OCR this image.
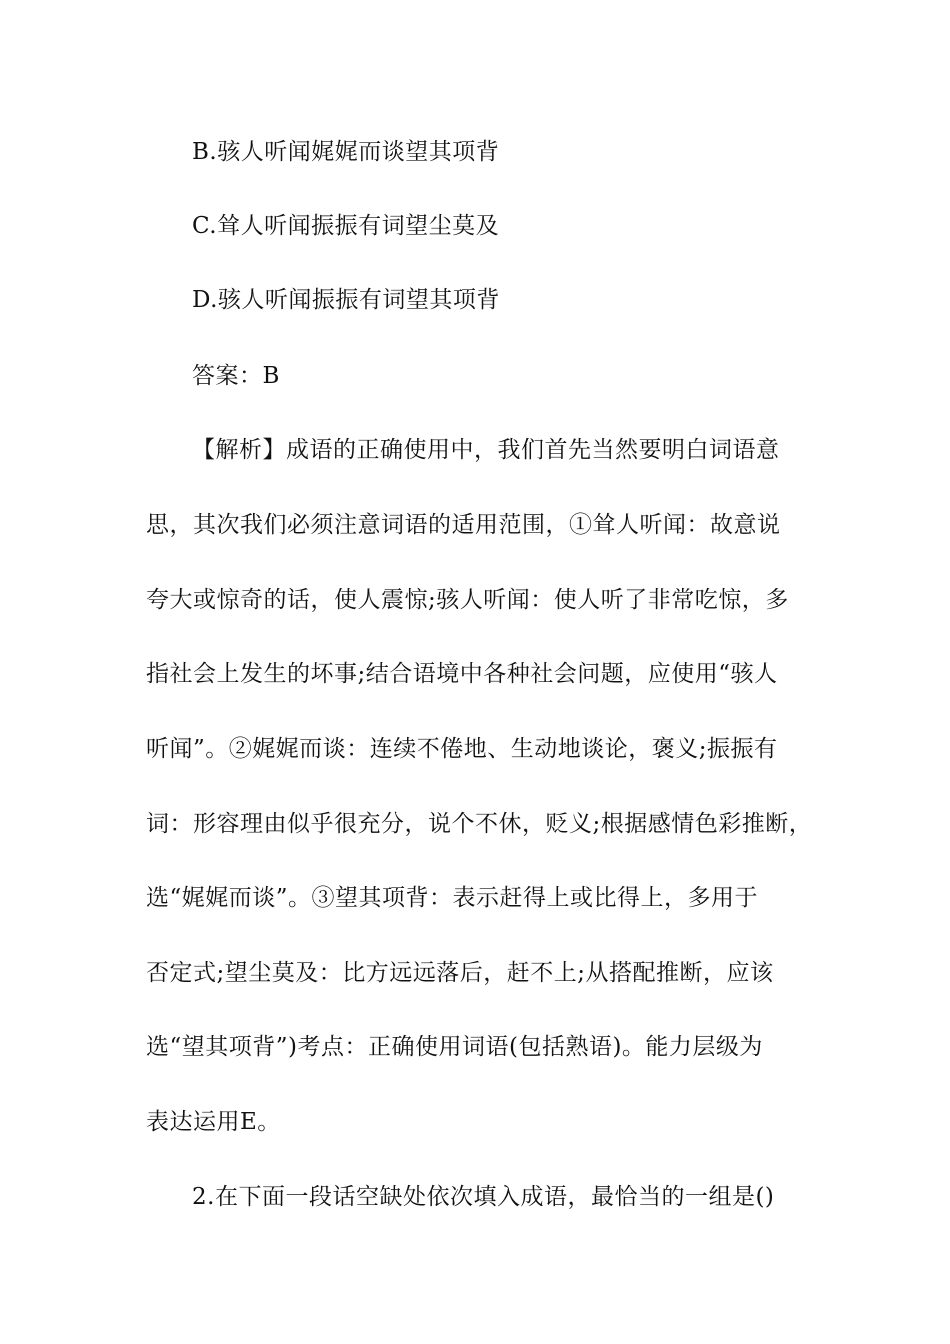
B.骇人听闻娓娓而谈望其项背
C.耸人听闻振振有词望尘莫及
D.骇人听闻振振有词望其项背
答案：B
【解析】成语的正确使用中，我们首先当然要明白词语意
思，其次我们必须注意词语的适用范围，①耸人听闻：故意说
夸大或惊奇的话，使人震惊;骇人听闻：使人听了非常吃惊，多
指社会上发生的坏事;结合语境中各种社会问题，应使用“骇人
听闻”。②娓娓而谈：连续不倦地、生动地谈论，褒义;振振有
词：形容理由似乎很充分，说个不休，贬义;根据感情色彩推断，
选“娓娓而谈”。③望其项背：表示赶得上或比得上，多用于
否定式;望尘莫及：比方远远落后，赶不上;从搭配推断，应该
选“望其项背”)考点：正确使用词语(包括熟语)。能力层级为
表达运用E。
2.在下面一段话空缺处依次填入成语，最恰当的一组是()
